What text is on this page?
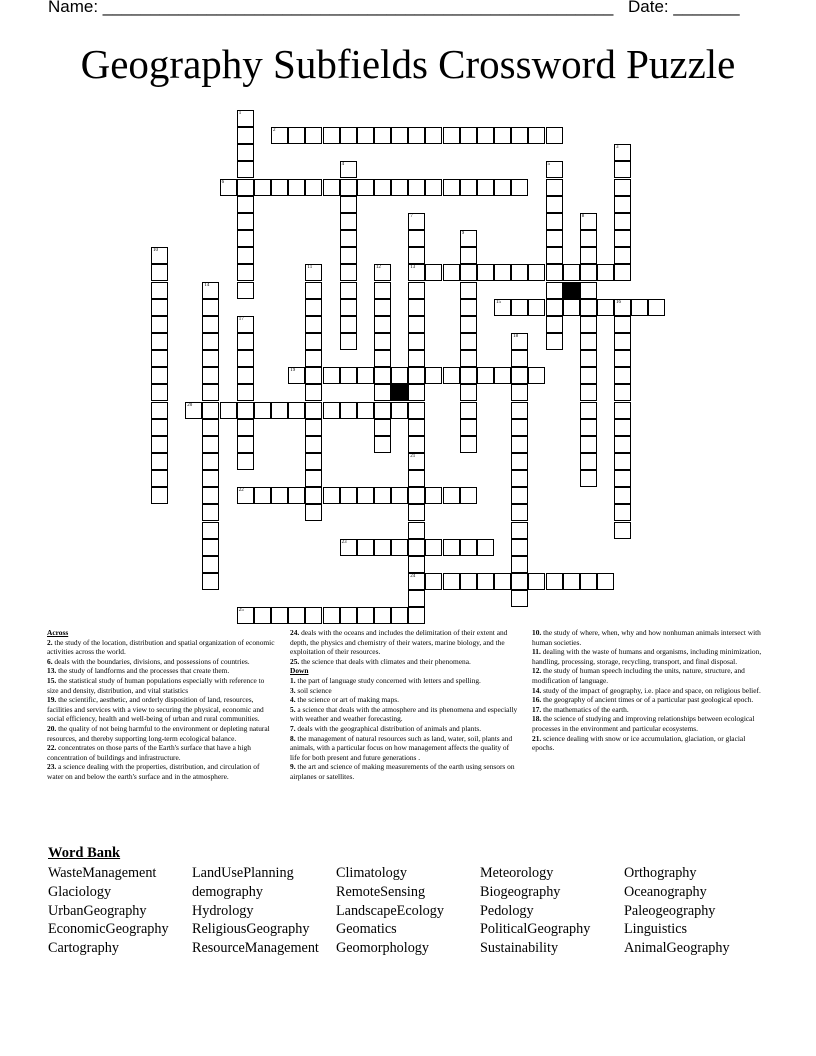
Name: ______________________________________________________ Date: _______
Geography Subfields Crossword Puzzle
1
2
3
4	5
6
7
13
8
9
10
11	12
14
15	16
17
18
19
20
21
24
22
23
25

Across

2. the study of the location, distribution and spatial organization of economic activities across the world.

6. deals with the boundaries, divisions, and possessions of countries.

13. the study of landforms and the processes that create them.

15. the statistical study of human populations especially with reference to size and density, distribution, and vital statistics

19. the scientific, aesthetic, and orderly disposition of land, resources, facilities and services with a view to securing the physical, economic and social efficiency, health and well-being of urban and rural communities.

20. the quality of not being harmful to the environment or depleting natural resources, and thereby supporting long-term ecological balance.

22. concentrates on those parts of the Earth's surface that have a high concentration of buildings and infrastructure.

23. a science dealing with the properties, distribution, and circulation of water on and below the earth's surface and in the atmosphere.

24. deals with the oceans and includes the delimitation of their extent and depth, the physics and chemistry of their waters, marine biology, and the exploitation of their resources.

25. the science that deals with climates and their phenomena.

Down

1. the part of language study concerned with letters and spelling.

3. soil science

4. the science or art of making maps.

5. a science that deals with the atmosphere and its phenomena and especially with weather and weather forecasting.

7. deals with the geographical distribution of animals and plants.

8. the management of natural resources such as land, water, soil, plants and animals, with a particular focus on how management affects the quality of life for both present and future generations .

9. the art and science of making measurements of the earth using sensors on airplanes or satellites.

10. the study of where, when, why and how nonhuman animals intersect with human societies.

11. dealing with the waste of humans and organisms, including minimization, handling, processing, storage, recycling, transport, and final disposal.

12. the study of human speech including the units, nature, structure, and modification of language.

14. study of the impact of geography, i.e. place and space, on religious belief.

16. the geography of ancient times or of a particular past geological epoch.

17. the mathematics of the earth.

18. the science of studying and improving relationships between ecological processes in the environment and particular ecosystems.

21. science dealing with snow or ice accumulation, glaciation, or glacial epochs.

Word Bank
WasteManagement
Glaciology
UrbanGeography
EconomicGeography
Cartography
LandUsePlanning
demography
Hydrology
ReligiousGeography
ResourceManagement
Climatology
RemoteSensing
LandscapeEcology
Geomatics
Geomorphology
Meteorology
Biogeography
Pedology
PoliticalGeography
Sustainability
Orthography
Oceanography
Paleogeography
Linguistics
AnimalGeography
